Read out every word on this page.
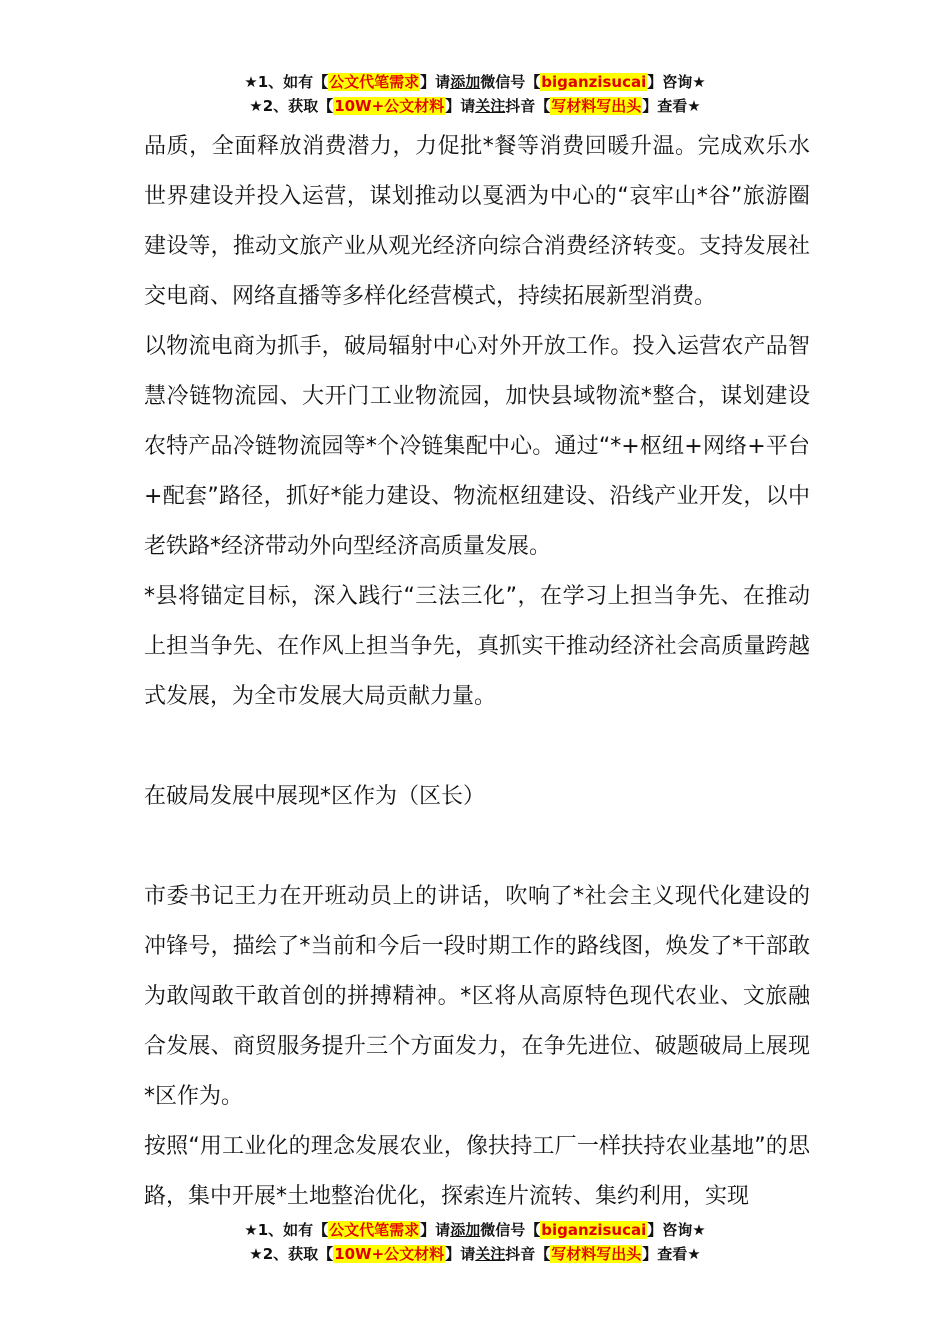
★1、如有【公文代笔需求】请添加微信号【biganzisucai】咨询★
★2、获取【10W+公文材料】请关注抖音【写材料写出头】查看★

品质，全面释放消费潜力，力促批*餐等消费回暖升温。完成欢乐水世界建设并投入运营，谋划推动以戛洒为中心的“哀牢山*谷”旅游圈建设等，推动文旅产业从观光经济向综合消费经济转变。支持发展社交电商、网络直播等多样化经营模式，持续拓展新型消费。

以物流电商为抓手，破局辐射中心对外开放工作。投入运营农产品智慧冷链物流园、大开门工业物流园，加快县域物流*整合，谋划建设农特产品冷链物流园等*个冷链集配中心。通过“*+枢纽+网络+平台+配套”路径，抓好*能力建设、物流枢纽建设、沿线产业开发，以中老铁路*经济带动外向型经济高质量发展。

*县将锚定目标，深入践行“三法三化”，在学习上担当争先、在推动上担当争先、在作风上担当争先，真抓实干推动经济社会高质量跨越式发展，为全市发展大局贡献力量。

在破局发展中展现*区作为（区长）

市委书记王力在开班动员上的讲话，吹响了*社会主义现代化建设的冲锋号，描绘了*当前和今后一段时期工作的路线图，焕发了*干部敢为敢闯敢干敢首创的拼搏精神。*区将从高原特色现代农业、文旅融合发展、商贸服务提升三个方面发力，在争先进位、破题破局上展现*区作为。

按照“用工业化的理念发展农业，像扶持工厂一样扶持农业基地”的思路，集中开展*土地整治优化，探索连片流转、集约利用，实现

★1、如有【公文代笔需求】请添加微信号【biganzisucai】咨询★
★2、获取【10W+公文材料】请关注抖音【写材料写出头】查看★
